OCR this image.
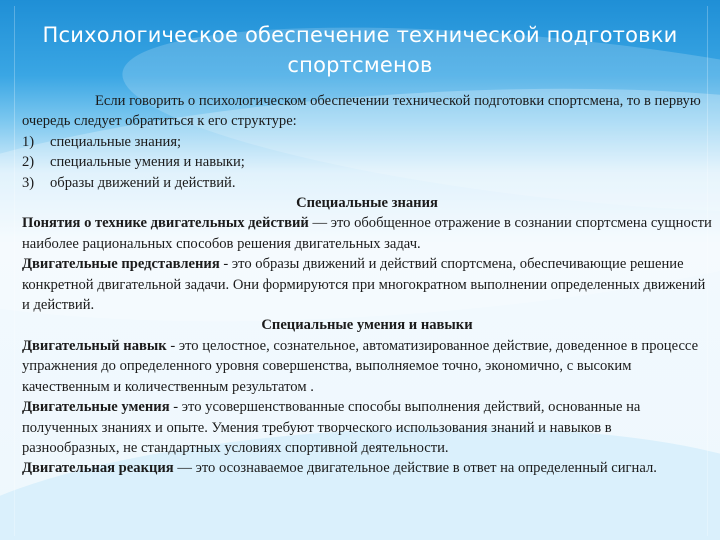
Психологическое обеспечение технической подготовки спортсменов

Если говорить о психологическом обеспечении технической подготовки спортсмена, то в первую очередь следует обратиться к его структуре:

1) специальные знания;

2) специальные умения и навыки;

3) образы движений и действий.

Специальные знания

Понятия о технике двигательных действий — это обобщенное отражение в сознании спортсмена сущности наиболее рациональных способов решения двигательных задач.

Двигательные представления - это образы движений и действий спортсмена, обеспечивающие решение конкретной двигательной задачи. Они формируются при многократном выполнении определенных движений и действий.

Специальные умения и навыки

Двигательный навык - это целостное, сознательное, автоматизированное действие, доведенное в процессе упражнения до определенного уровня совершенства, выполняемое точно, экономично, с высоким качественным и количественным результатом .

Двигательные умения - это усовершенствованные способы выполнения действий, основанные на полученных знаниях и опыте. Умения требуют творческого использования знаний и навыков в разнообразных, не стандартных условиях спортивной деятельности.

Двигательная реакция — это осознаваемое двигательное действие в ответ на определенный сигнал.
